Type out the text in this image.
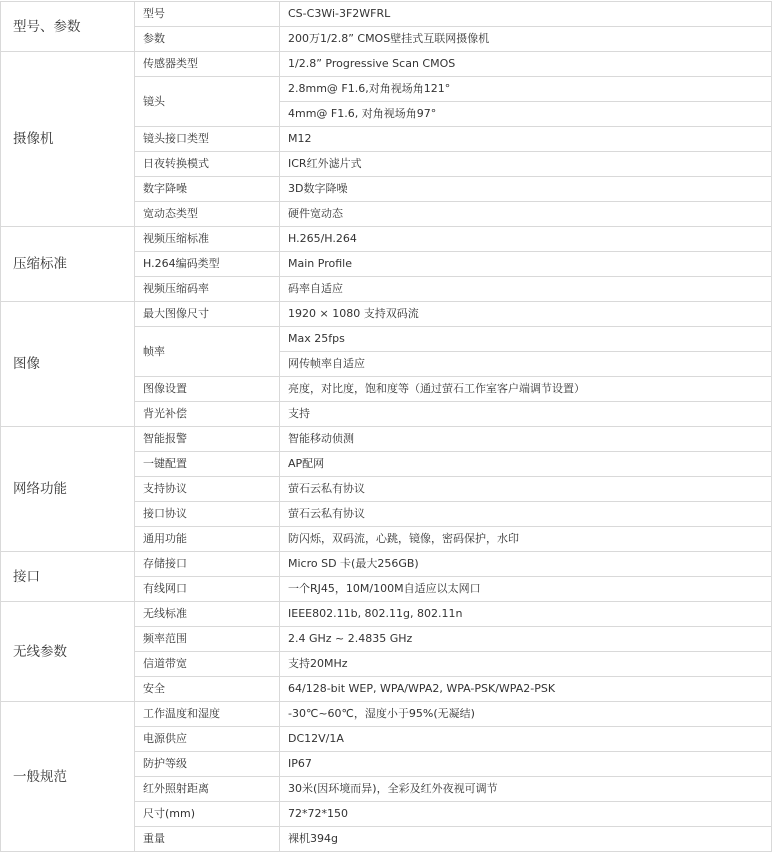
型号、参数	型号	CS-C3Wi-3F2WFRL
	参数	200万1/2.8” CMOS壁挂式互联网摄像机
摄像机	传感器类型	1/2.8” Progressive Scan CMOS
	镜头	2.8mm@ F1.6,对角视场角121°
		4mm@ F1.6, 对角视场角97°
	镜头接口类型	M12
	日夜转换模式	ICR红外滤片式
	数字降噪	3D数字降噪
	宽动态类型	硬件宽动态
压缩标准	视频压缩标准	H.265/H.264
	H.264编码类型	Main Profile
	视频压缩码率	码率自适应
图像	最大图像尺寸	1920 × 1080 支持双码流
	帧率	Max 25fps
		网传帧率自适应
	图像设置	亮度，对比度，饱和度等（通过萤石工作室客户端调节设置）
	背光补偿	支持
网络功能	智能报警	智能移动侦测
	一键配置	AP配网
	支持协议	萤石云私有协议
	接口协议	萤石云私有协议
	通用功能	防闪烁，双码流，心跳，镜像，密码保护，水印
接口	存储接口	Micro SD 卡(最大256GB)
	有线网口	一个RJ45，10M/100M自适应以太网口
无线参数	无线标准	IEEE802.11b, 802.11g, 802.11n
	频率范围	2.4 GHz ~ 2.4835 GHz
	信道带宽	支持20MHz
	安全	64/128-bit WEP, WPA/WPA2, WPA-PSK/WPA2-PSK
一般规范	工作温度和湿度	-30℃~60℃，湿度小于95%(无凝结)
	电源供应	DC12V/1A
	防护等级	IP67
	红外照射距离	30米(因环境而异)，全彩及红外夜视可调节
	尺寸(mm)	72*72*150
	重量	裸机394g
